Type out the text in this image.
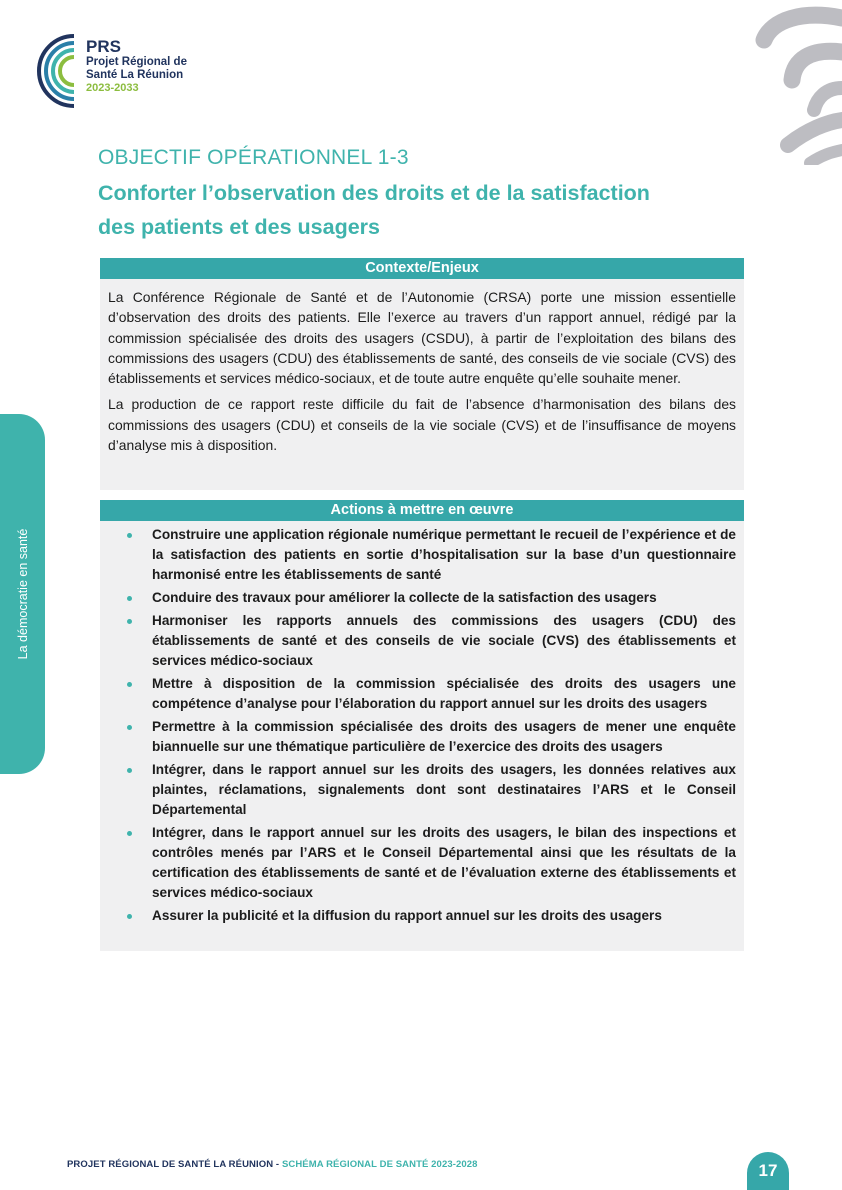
PRS
Projet Régional de
Santé La Réunion
2023-2033
OBJECTIF OPÉRATIONNEL 1-3
Conforter l’observation des droits et de la satisfaction
des patients et des usagers
Contexte/Enjeux

La Conférence Régionale de Santé et de l’Autonomie (CRSA) porte une mission essentielle d’observation des droits des patients. Elle l’exerce au travers d’un rapport annuel, rédigé par la commission spécialisée des droits des usagers (CSDU), à partir de l’exploitation des bilans des commissions des usagers (CDU) des établissements de santé, des conseils de vie sociale (CVS) des établissements et services médico-sociaux, et de toute autre enquête qu’elle souhaite mener.

La production de ce rapport reste difficile du fait de l’absence d’harmonisation des bilans des commissions des usagers (CDU) et conseils de la vie sociale (CVS) et de l’insuffisance de moyens d’analyse mis à disposition.

Actions à mettre en œuvre
Construire une application régionale numérique permettant le recueil de l’expérience et de la satisfaction des patients en sortie d’hospitalisation sur la base d’un questionnaire harmonisé entre les établissements de santé
Conduire des travaux pour améliorer la collecte de la satisfaction des usagers
Harmoniser les rapports annuels des commissions des usagers (CDU) des établissements de santé et des conseils de vie sociale (CVS) des établissements et services médico-sociaux
Mettre à disposition de la commission spécialisée des droits des usagers une compétence d’analyse pour l’élaboration du rapport annuel sur les droits des usagers
Permettre à la commission spécialisée des droits des usagers de mener une enquête biannuelle sur une thématique particulière de l’exercice des droits des usagers
Intégrer, dans le rapport annuel sur les droits des usagers, les données relatives aux plaintes, réclamations, signalements dont sont destinataires l’ARS et le Conseil Départemental
Intégrer, dans le rapport annuel sur les droits des usagers, le bilan des inspections et contrôles menés par l’ARS et le Conseil Départemental ainsi que les résultats de la certification des établissements de santé et de l’évaluation externe des établissements et services médico-sociaux
Assurer la publicité et la diffusion du rapport annuel sur les droits des usagers
La démocratie en santé
PROJET RÉGIONAL DE SANTÉ LA RÉUNION - SCHÉMA RÉGIONAL DE SANTÉ 2023-2028	17
